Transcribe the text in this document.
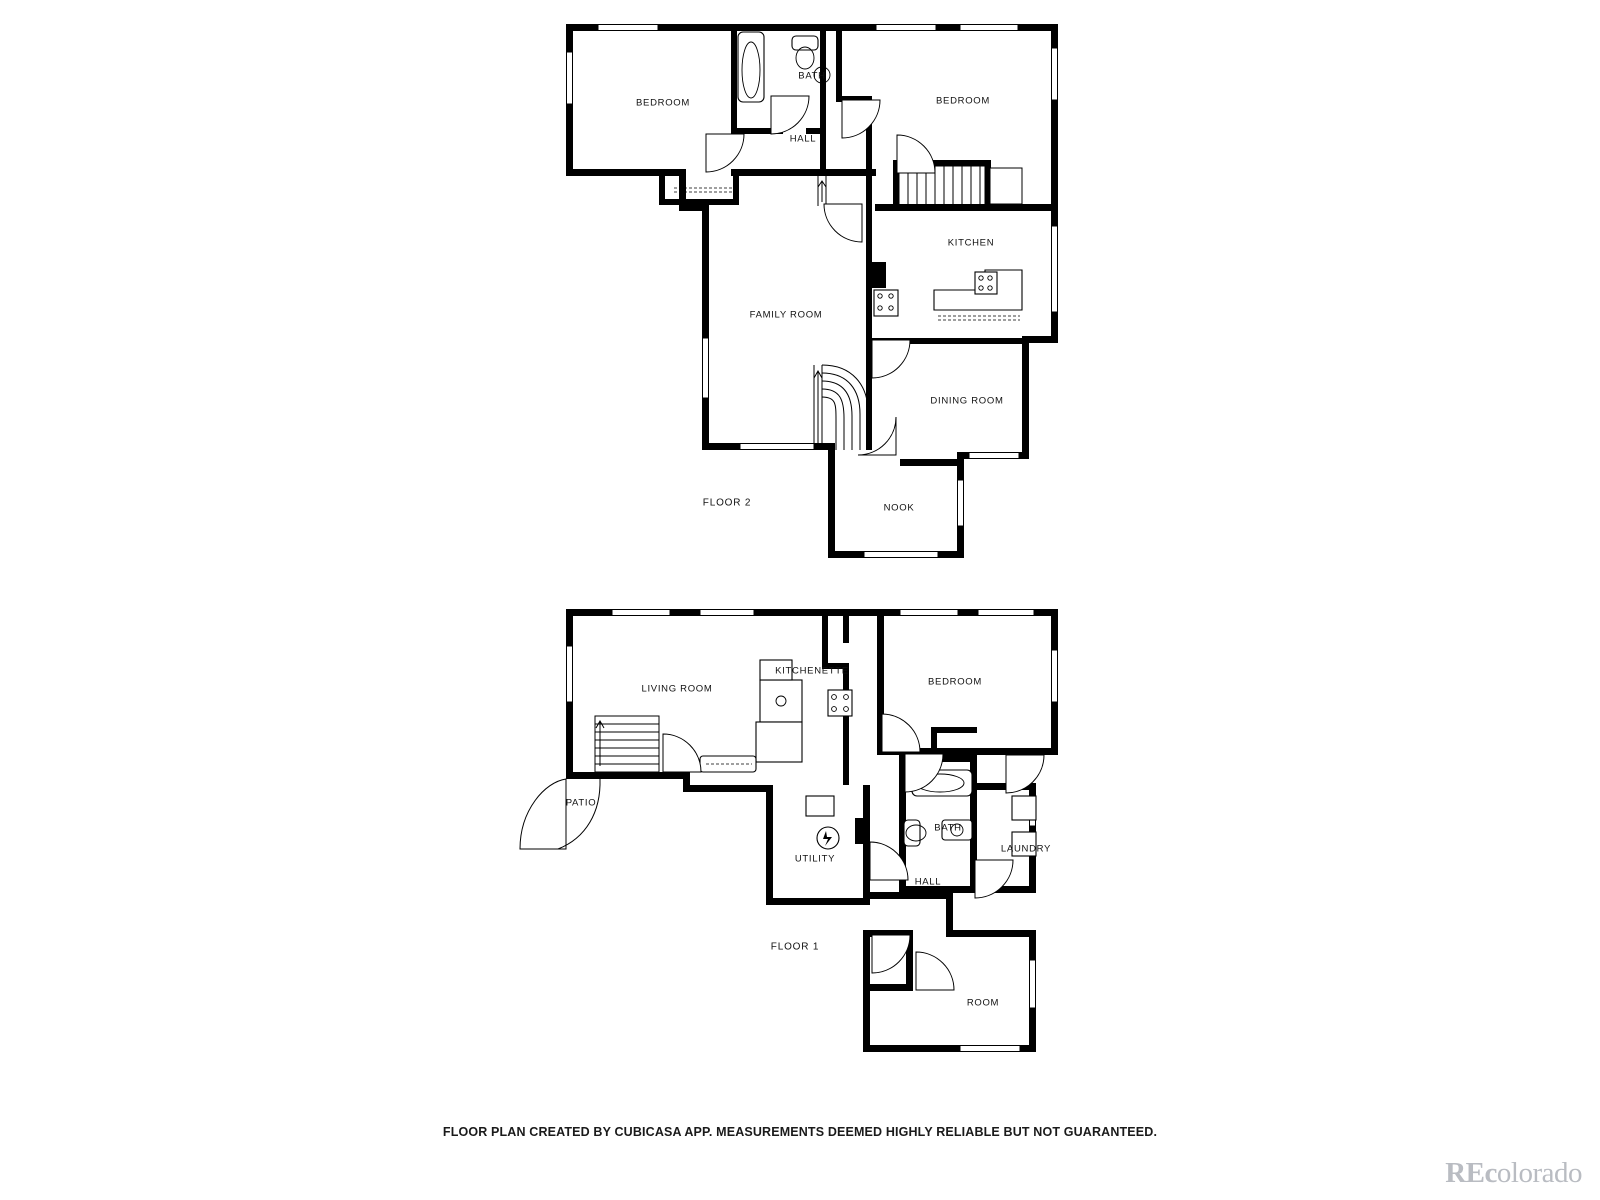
BEDROOM
BATH
BEDROOM
HALL
KITCHEN
FAMILY ROOM
DINING ROOM
NOOK
FLOOR 2
LIVING ROOM
KITCHENETTE
BEDROOM
PATIO
UTILITY
BATH
LAUNDRY
HALL
ROOM
FLOOR 1
FLOOR PLAN CREATED BY CUBICASA APP. MEASUREMENTS DEEMED HIGHLY RELIABLE BUT NOT GUARANTEED.
REcolorado
